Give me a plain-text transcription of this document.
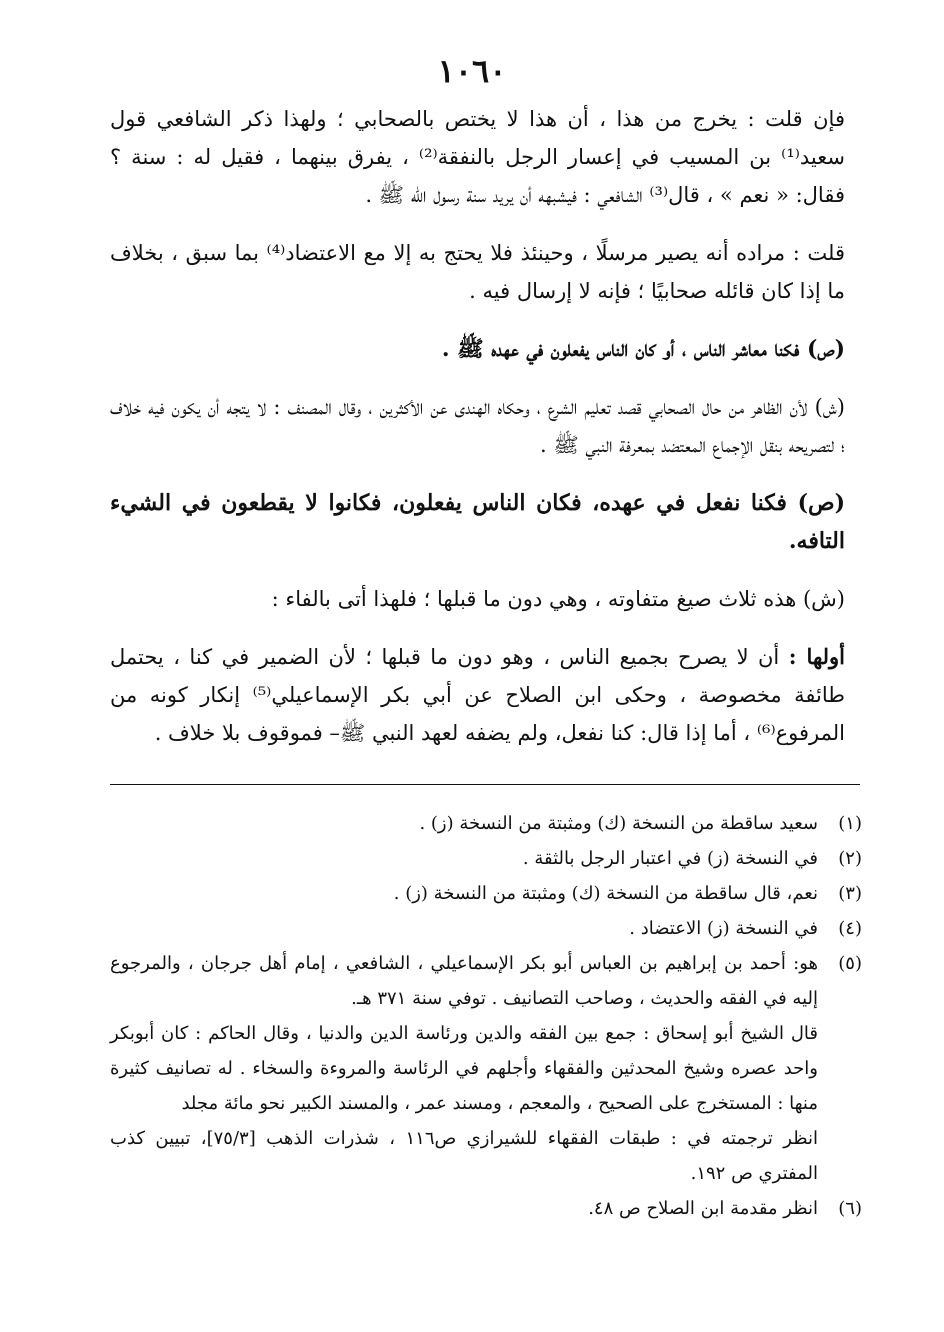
١٠٦٠

فإن قلت : يخرج من هذا ، أن هذا لا يختص بالصحابي ؛ ولهذا ذكر الشافعي قول سعيد⁽¹⁾ بن المسيب في إعسار الرجل بالنفقة⁽²⁾ ، يفرق بينهما ، فقيل له : سنة ؟ فقال: « نعم » ، قال⁽³⁾ الشافعي : فيشبهه أن يريد سنة رسول الله ﷺ .

قلت : مراده أنه يصير مرسلًا ، وحينئذ فلا يحتج به إلا مع الاعتضاد⁽⁴⁾ بما سبق ، بخلاف ما إذا كان قائله صحابيًا ؛ فإنه لا إرسال فيه .

(ص) فكنا معاشر الناس ، أو كان الناس يفعلون في عهده ﷺ .

(ش) لأن الظاهر من حال الصحابي قصد تعليم الشرع ، وحكاه الهندى عن الأكثرين ، وقال المصنف : لا يتجه أن يكون فيه خلاف ؛ لتصريحه بنقل الإجماع المعتضد بمعرفة النبي ﷺ .

(ص) فكنا نفعل في عهده، فكان الناس يفعلون، فكانوا لا يقطعون في الشيء التافه.

(ش) هذه ثلاث صيغ متفاوته ، وهي دون ما قبلها ؛ فلهذا أتى بالفاء :

أولها : أن لا يصرح بجميع الناس ، وهو دون ما قبلها ؛ لأن الضمير في كنا ، يحتمل طائفة مخصوصة ، وحكى ابن الصلاح عن أبي بكر الإسماعيلي⁽⁵⁾ إنكار كونه من المرفوع⁽⁶⁾ ، أما إذا قال: كنا نفعل، ولم يضفه لعهد النبي ﷺ– فموقوف بلا خلاف .

(١)
سعيد ساقطة من النسخة (ك) ومثبتة من النسخة (ز) .
(٢)
في النسخة (ز) في اعتبار الرجل بالثقة .
(٣)
نعم، قال ساقطة من النسخة (ك) ومثبتة من النسخة (ز) .
(٤)
في النسخة (ز) الاعتضاد .
(٥)
هو: أحمد بن إبراهيم بن العباس أبو بكر الإسماعيلي ، الشافعي ، إمام أهل جرجان ، والمرجوع إليه في الفقه والحديث ، وصاحب التصانيف . توفي سنة ٣٧١ هـ.
قال الشيخ أبو إسحاق : جمع بين الفقه والدين ورئاسة الدين والدنيا ، وقال الحاكم : كان أبوبكر واحد عصره وشيخ المحدثين والفقهاء وأجلهم في الرئاسة والمروءة والسخاء . له تصانيف كثيرة منها : المستخرج على الصحيح ، والمعجم ، ومسند عمر ، والمسند الكبير نحو مائة مجلد
انظر ترجمته في : طبقات الفقهاء للشيرازي ص١١٦ ، شذرات الذهب [٧٥/٣]، تبيين كذب المفتري ص ١٩٢.
(٦)
انظر مقدمة ابن الصلاح ص ٤٨.
